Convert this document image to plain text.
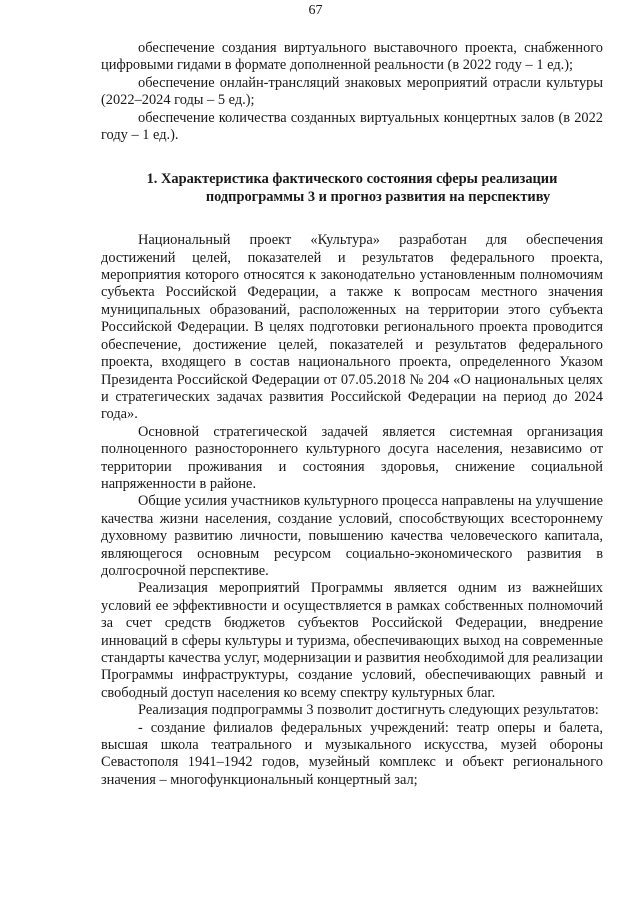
67

обеспечение создания виртуального выставочного проекта, снабженного цифровыми гидами в формате дополненной реальности (в 2022 году – 1 ед.);

обеспечение онлайн-трансляций знаковых мероприятий отрасли культуры (2022–2024 годы – 5 ед.);

обеспечение количества созданных виртуальных концертных залов (в 2022 году – 1 ед.).

1. Характеристика фактического состояния сферы реализации
подпрограммы 3 и прогноз развития на перспективу

Национальный проект «Культура» разработан для обеспечения достижений целей, показателей и результатов федерального проекта, мероприятия которого относятся к законодательно установленным полномочиям субъекта Российской Федерации, а также к вопросам местного значения муниципальных образований, расположенных на территории этого субъекта Российской Федерации. В целях подготовки регионального проекта проводится обеспечение, достижение целей, показателей и результатов федерального проекта, входящего в состав национального проекта, определенного Указом Президента Российской Федерации от 07.05.2018 № 204 «О национальных целях и стратегических задачах развития Российской Федерации на период до 2024 года».

Основной стратегической задачей является системная организация полноценного разностороннего культурного досуга населения, независимо от территории проживания и состояния здоровья, снижение социальной напряженности в районе.

Общие усилия участников культурного процесса направлены на улучшение качества жизни населения, создание условий, способствующих всестороннему духовному развитию личности, повышению качества человеческого капитала, являющегося основным ресурсом социально-экономического развития в долгосрочной перспективе.

Реализация мероприятий Программы является одним из важнейших условий ее эффективности и осуществляется в рамках собственных полномочий за счет средств бюджетов субъектов Российской Федерации, внедрение инноваций в сферы культуры и туризма, обеспечивающих выход на современные стандарты качества услуг, модернизации и развития необходимой для реализации Программы инфраструктуры, создание условий, обеспечивающих равный и свободный доступ населения ко всему спектру культурных благ.

Реализация подпрограммы 3 позволит достигнуть следующих результатов:

- создание филиалов федеральных учреждений: театр оперы и балета, высшая школа театрального и музыкального искусства, музей обороны Севастополя 1941–1942 годов, музейный комплекс и объект регионального значения – многофункциональный концертный зал;
